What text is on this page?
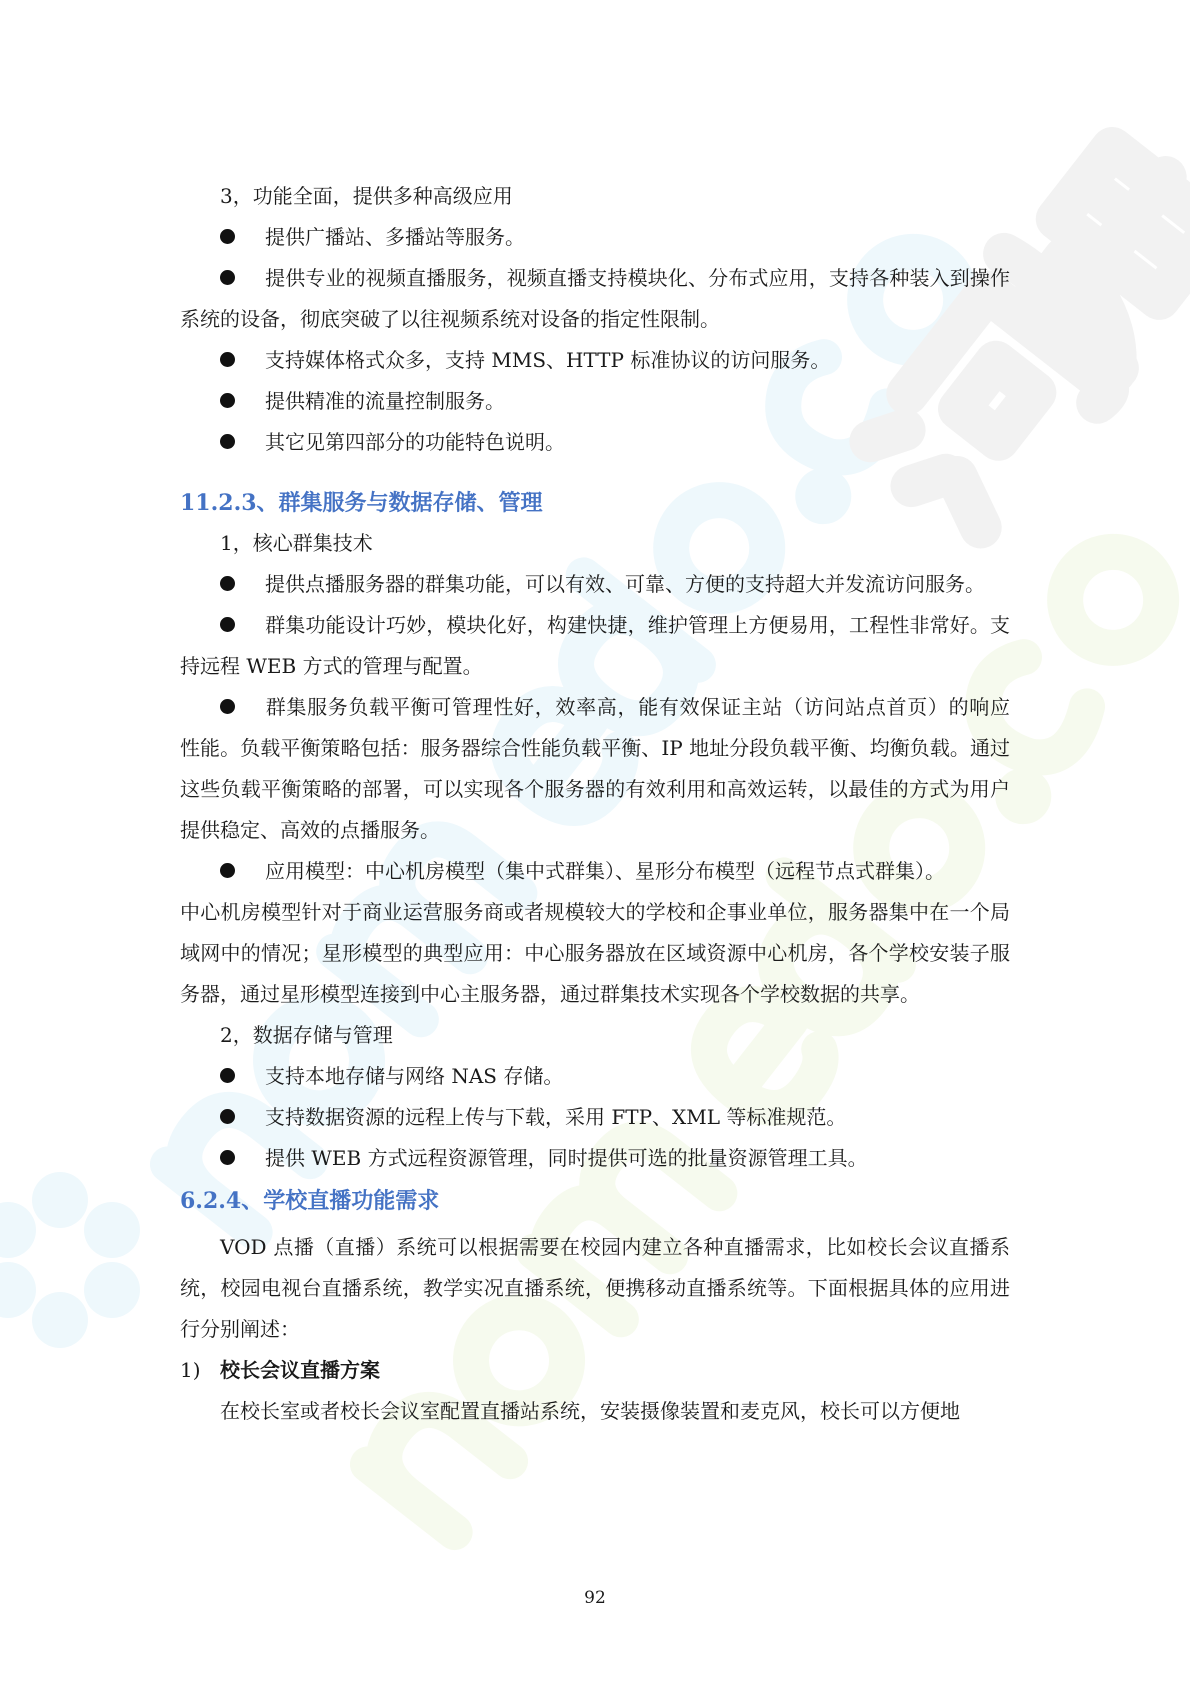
3，功能全面，提供多种高级应用

提供广播站、多播站等服务。

提供专业的视频直播服务，视频直播支持模块化、分布式应用，支持各种装入到操作系统的设备，彻底突破了以往视频系统对设备的指定性限制。

支持媒体格式众多，支持 MMS、HTTP 标准协议的访问服务。

提供精准的流量控制服务。

其它见第四部分的功能特色说明。

11.2.3、群集服务与数据存储、管理

1，核心群集技术

提供点播服务器的群集功能，可以有效、可靠、方便的支持超大并发流访问服务。

群集功能设计巧妙，模块化好，构建快捷，维护管理上方便易用，工程性非常好。支持远程 WEB 方式的管理与配置。

群集服务负载平衡可管理性好，效率高，能有效保证主站（访问站点首页）的响应 性能。负载平衡策略包括：服务器综合性能负载平衡、IP 地址分段负载平衡、均衡负载。通过这些负载平衡策略的部署，可以实现各个服务器的有效利用和高效运转，以最佳的方式为用户提供稳定、高效的点播服务。

应用模型：中心机房模型（集中式群集）、星形分布模型（远程节点式群集）。

中心机房模型针对于商业运营服务商或者规模较大的学校和企事业单位，服务器集中在一个局域网中的情况；星形模型的典型应用：中心服务器放在区域资源中心机房，各个学校安装子服务器，通过星形模型连接到中心主服务器，通过群集技术实现各个学校数据的共享。

2，数据存储与管理

支持本地存储与网络 NAS 存储。

支持数据资源的远程上传与下载，采用 FTP、XML 等标准规范。

提供 WEB 方式远程资源管理，同时提供可选的批量资源管理工具。

6.2.4、学校直播功能需求

VOD 点播（直播）系统可以根据需要在校园内建立各种直播需求，比如校长会议直播系统，校园电视台直播系统，教学实况直播系统，便携移动直播系统等。下面根据具体的应用进行分别阐述：

1) 校长会议直播方案

在校长室或者校长会议室配置直播站系统，安装摄像装置和麦克风，校长可以方便地

92
